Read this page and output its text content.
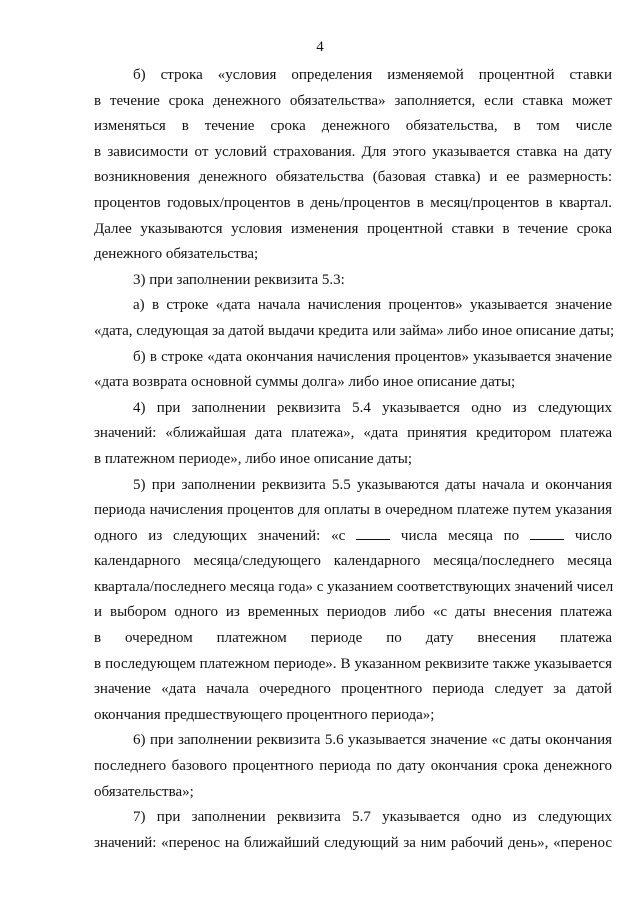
4
б) строка «условия определения изменяемой процентной ставки
в течение срока денежного обязательства» заполняется, если ставка может
изменяться в течение срока денежного обязательства, в том числе
в зависимости от условий страхования. Для этого указывается ставка на дату
возникновения денежного обязательства (базовая ставка) и ее размерность:
процентов годовых/процентов в день/процентов в месяц/процентов в квартал.
Далее указываются условия изменения процентной ставки в течение срока
денежного обязательства;
3) при заполнении реквизита 5.3:
а) в строке «дата начала начисления процентов» указывается значение
«дата, следующая за датой выдачи кредита или займа» либо иное описание даты;
б) в строке «дата окончания начисления процентов» указывается значение
«дата возврата основной суммы долга» либо иное описание даты;
4) при заполнении реквизита 5.4 указывается одно из следующих
значений: «ближайшая дата платежа», «дата принятия кредитором платежа
в платежном периоде», либо иное описание даты;
5) при заполнении реквизита 5.5 указываются даты начала и окончания
периода начисления процентов для оплаты в очередном платеже путем указания
одного из следующих значений: «с	числа месяца по	число
календарного месяца/следующего календарного месяца/последнего месяца
квартала/последнего месяца года» с указанием соответствующих значений чисел
и выбором одного из временных периодов либо «с даты внесения платежа
в очередном платежном периоде по дату внесения платежа
в последующем платежном периоде». В указанном реквизите также указывается
значение «дата начала очередного процентного периода следует за датой
окончания предшествующего процентного периода»;
6) при заполнении реквизита 5.6 указывается значение «с даты окончания
последнего базового процентного периода по дату окончания срока денежного
обязательства»;
7) при заполнении реквизита 5.7 указывается одно из следующих
значений: «перенос на ближайший следующий за ним рабочий день», «перенос
